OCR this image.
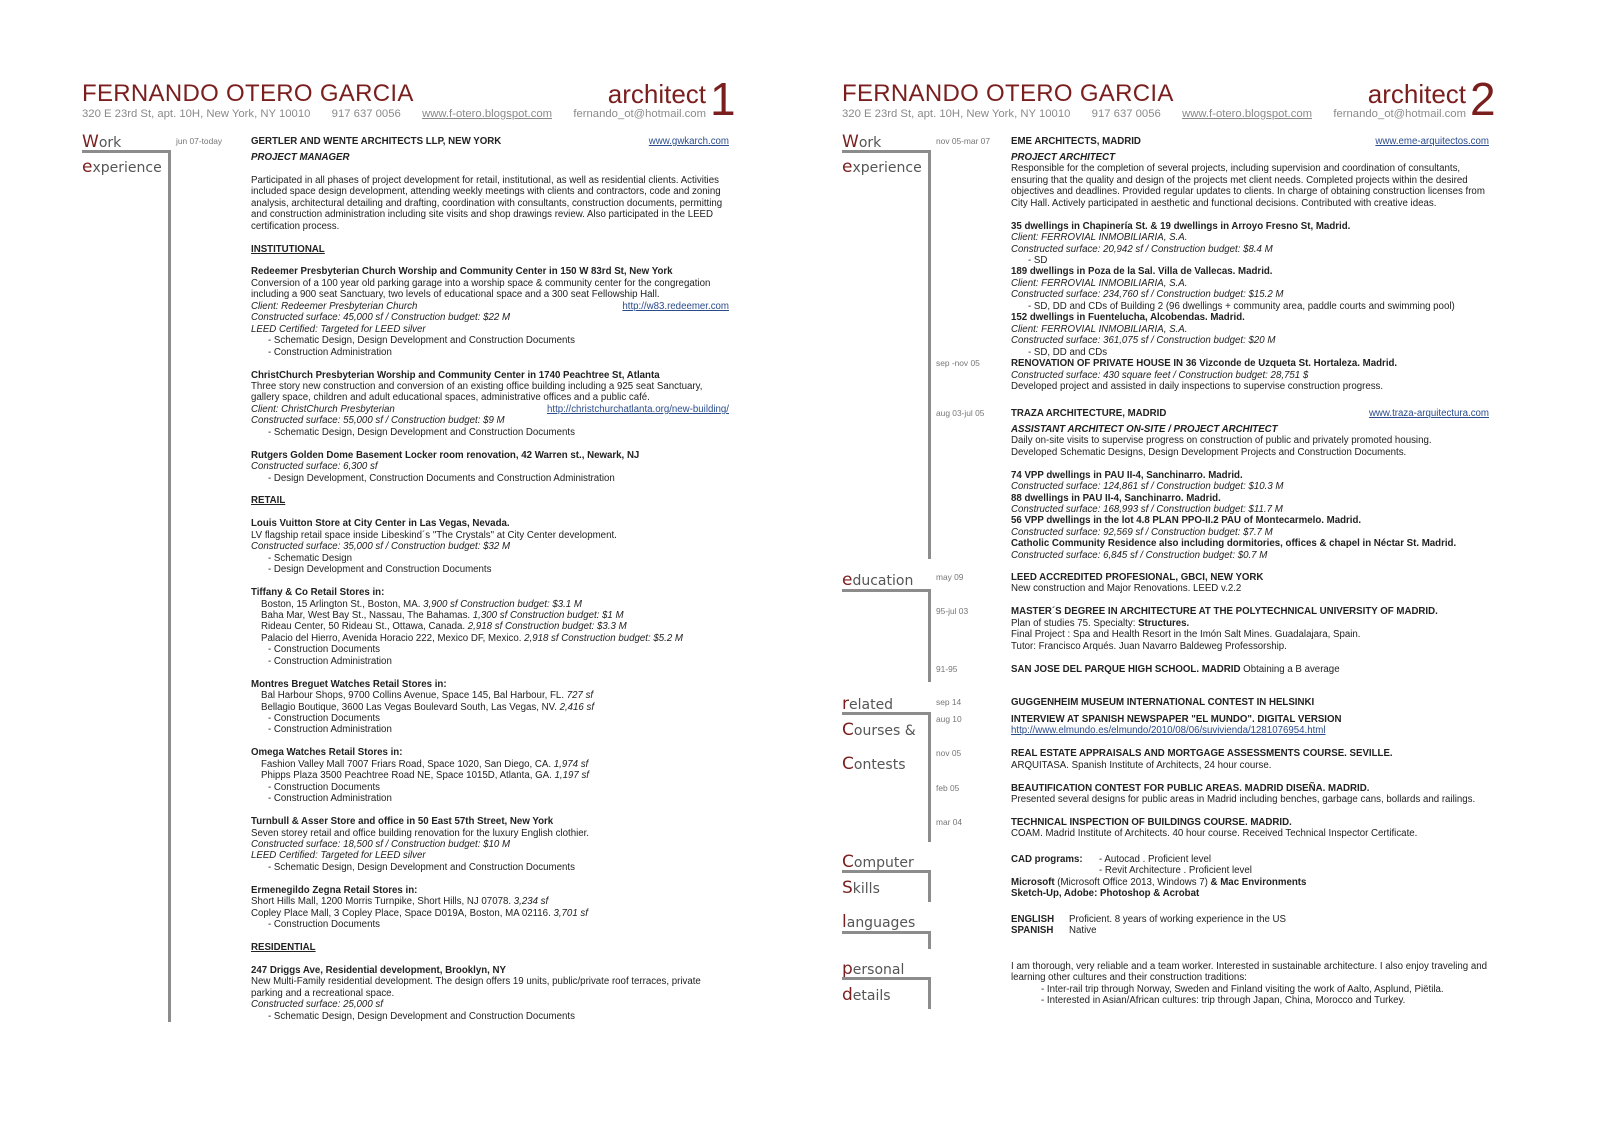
FERNANDO OTERO GARCIA	architect 1
320 E 23rd St, apt. 10H, New York, NY 10010 917 637 0056 www.f-otero.blogspot.com fernando_ot@hotmail.com
Work
experience
jun 07-today	GERTLER AND WENTE ARCHITECTS LLP, NEW YORK	www.gwkarch.com
PROJECT MANAGER
Participated in all phases of project development for retail, institutional, as well as residential clients. Activities included space design development, attending weekly meetings with clients and contractors, code and zoning analysis, architectural detailing and drafting, coordination with consultants, construction documents, permitting and construction administration including site visits and shop drawings review. Also participated in the LEED certification process.
INSTITUTIONAL
Redeemer Presbyterian Church Worship and Community Center in 150 W 83rd St, New York
Conversion of a 100 year old parking garage into a worship space & community center for the congregation including a 900 seat Sanctuary, two levels of educational space and a 300 seat Fellowship Hall.
Client: Redeemer Presbyterian Church	http://w83.redeemer.com
Constructed surface: 45,000 sf / Construction budget: $22 M
LEED Certified: Targeted for LEED silver
- Schematic Design, Design Development and Construction Documents
- Construction Administration
ChristChurch Presbyterian Worship and Community Center in 1740 Peachtree St, Atlanta
Three story new construction and conversion of an existing office building including a 925 seat Sanctuary, gallery space, children and adult educational spaces, administrative offices and a public café.
Client: ChristChurch Presbyterian	http://christchurchatlanta.org/new-building/
Constructed surface: 55,000 sf / Construction budget: $9 M
- Schematic Design, Design Development and Construction Documents
Rutgers Golden Dome Basement Locker room renovation, 42 Warren st., Newark, NJ
Constructed surface: 6,300 sf
- Design Development, Construction Documents and Construction Administration
RETAIL
Louis Vuitton Store at City Center in Las Vegas, Nevada.
LV flagship retail space inside Libeskind´s "The Crystals" at City Center development.
Constructed surface: 35,000 sf / Construction budget: $32 M
- Schematic Design
- Design Development and Construction Documents
Tiffany & Co Retail Stores in:
Boston, 15 Arlington St., Boston, MA. 3,900 sf Construction budget: $3.1 M
Baha Mar, West Bay St., Nassau, The Bahamas. 1,300 sf Construction budget: $1 M
Rideau Center, 50 Rideau St., Ottawa, Canada. 2,918 sf Construction budget: $3.3 M
Palacio del Hierro, Avenida Horacio 222, Mexico DF, Mexico. 2,918 sf Construction budget: $5.2 M
- Construction Documents
- Construction Administration
Montres Breguet Watches Retail Stores in:
Bal Harbour Shops, 9700 Collins Avenue, Space 145, Bal Harbour, FL. 727 sf
Bellagio Boutique, 3600 Las Vegas Boulevard South, Las Vegas, NV. 2,416 sf
- Construction Documents
- Construction Administration
Omega Watches Retail Stores in:
Fashion Valley Mall 7007 Friars Road, Space 1020, San Diego, CA. 1,974 sf
Phipps Plaza 3500 Peachtree Road NE, Space 1015D, Atlanta, GA. 1,197 sf
- Construction Documents
- Construction Administration
Turnbull & Asser Store and office in 50 East 57th Street, New York
Seven storey retail and office building renovation for the luxury English clothier.
Constructed surface: 18,500 sf / Construction budget: $10 M
LEED Certified: Targeted for LEED silver
- Schematic Design, Design Development and Construction Documents
Ermenegildo Zegna Retail Stores in:
Short Hills Mall, 1200 Morris Turnpike, Short Hills, NJ 07078. 3,234 sf
Copley Place Mall, 3 Copley Place, Space D019A, Boston, MA 02116. 3,701 sf
- Construction Documents
RESIDENTIAL
247 Driggs Ave, Residential development, Brooklyn, NY
New Multi-Family residential development. The design offers 19 units, public/private roof terraces, private parking and a recreational space.
Constructed surface: 25,000 sf
- Schematic Design, Design Development and Construction Documents
FERNANDO OTERO GARCIA	architect 2
320 E 23rd St, apt. 10H, New York, NY 10010 917 637 0056 www.f-otero.blogspot.com fernando_ot@hotmail.com
Work
experience
nov 05-mar 07 EME ARCHITECTS, MADRID	www.eme-arquitectos.com
PROJECT ARCHITECT
Responsible for the completion of several projects, including supervision and coordination of consultants, ensuring that the quality and design of the projects met client needs. Completed projects within the desired objectives and deadlines. Provided regular updates to clients. In charge of obtaining construction licenses from City Hall. Actively participated in aesthetic and functional decisions. Contributed with creative ideas.
35 dwellings in Chapinería St. & 19 dwellings in Arroyo Fresno St, Madrid.
Client: FERROVIAL INMOBILIARIA, S.A.
Constructed surface: 20,942 sf / Construction budget: $8.4 M
- SD
189 dwellings in Poza de la Sal. Villa de Vallecas. Madrid.
Client: FERROVIAL INMOBILIARIA, S.A.
Constructed surface: 234,760 sf / Construction budget: $15.2 M
- SD, DD and CDs of Building 2 (96 dwellings + community area, paddle courts and swimming pool)
152 dwellings in Fuentelucha, Alcobendas. Madrid.
Client: FERROVIAL INMOBILIARIA, S.A.
Constructed surface: 361,075 sf / Construction budget: $20 M
- SD, DD and CDs
sep -nov 05	RENOVATION OF PRIVATE HOUSE IN 36 Vizconde de Uzqueta St. Hortaleza. Madrid.
Constructed surface: 430 square feet / Construction budget: 28,751 $
Developed project and assisted in daily inspections to supervise construction progress.
aug 03-jul 05	TRAZA ARCHITECTURE, MADRID	www.traza-arquitectura.com
ASSISTANT ARCHITECT ON-SITE / PROJECT ARCHITECT
Daily on-site visits to supervise progress on construction of public and privately promoted housing.
Developed Schematic Designs, Design Development Projects and Construction Documents.
74 VPP dwellings in PAU II-4, Sanchinarro. Madrid.
Constructed surface: 124,861 sf / Construction budget: $10.3 M
88 dwellings in PAU II-4, Sanchinarro. Madrid.
Constructed surface: 168,993 sf / Construction budget: $11.7 M
56 VPP dwellings in the lot 4.8 PLAN PPO-II.2 PAU of Montecarmelo. Madrid.
Constructed surface: 92,569 sf / Construction budget: $7.7 M
Catholic Community Residence also including dormitories, offices & chapel in Néctar St. Madrid.
Constructed surface: 6,845 sf / Construction budget: $0.7 M
education	may 09	LEED ACCREDITED PROFESIONAL, GBCI, NEW YORK
New construction and Major Renovations. LEED v.2.2
95-jul 03	MASTER´S DEGREE IN ARCHITECTURE AT THE POLYTECHNICAL UNIVERSITY OF MADRID.
Plan of studies 75. Specialty: Structures.
Final Project : Spa and Health Resort in the Imón Salt Mines. Guadalajara, Spain.
Tutor: Francisco Arqués. Juan Navarro Baldeweg Professorship.
91-95	SAN JOSE DEL PARQUE HIGH SCHOOL. MADRID Obtaining a B average
related
Courses &
Contests
sep 14	GUGGENHEIM MUSEUM INTERNATIONAL CONTEST IN HELSINKI
aug 10	INTERVIEW AT SPANISH NEWSPAPER "EL MUNDO". DIGITAL VERSION
http://www.elmundo.es/elmundo/2010/08/06/suvivienda/1281076954.html
nov 05	REAL ESTATE APPRAISALS AND MORTGAGE ASSESSMENTS COURSE. SEVILLE.
ARQUITASA. Spanish Institute of Architects, 24 hour course.
feb 05	BEAUTIFICATION CONTEST FOR PUBLIC AREAS. MADRID DISEÑA. MADRID.
Presented several designs for public areas in Madrid including benches, garbage cans, bollards and railings.
mar 04	TECHNICAL INSPECTION OF BUILDINGS COURSE. MADRID.
COAM. Madrid Institute of Architects. 40 hour course. Received Technical Inspector Certificate.
Computer
Skills
CAD programs: - Autocad . Proficient level
- Revit Architecture . Proficient level
Microsoft (Microsoft Office 2013, Windows 7) & Mac Environments
Sketch-Up, Adobe: Photoshop & Acrobat
languages	ENGLISH Proficient. 8 years of working experience in the US
SPANISH Native
personal
details
I am thorough, very reliable and a team worker. Interested in sustainable architecture. I also enjoy traveling and learning other cultures and their construction traditions:
- Inter-rail trip through Norway, Sweden and Finland visiting the work of Aalto, Asplund, Piëtila.
- Interested in Asian/African cultures: trip through Japan, China, Morocco and Turkey.
